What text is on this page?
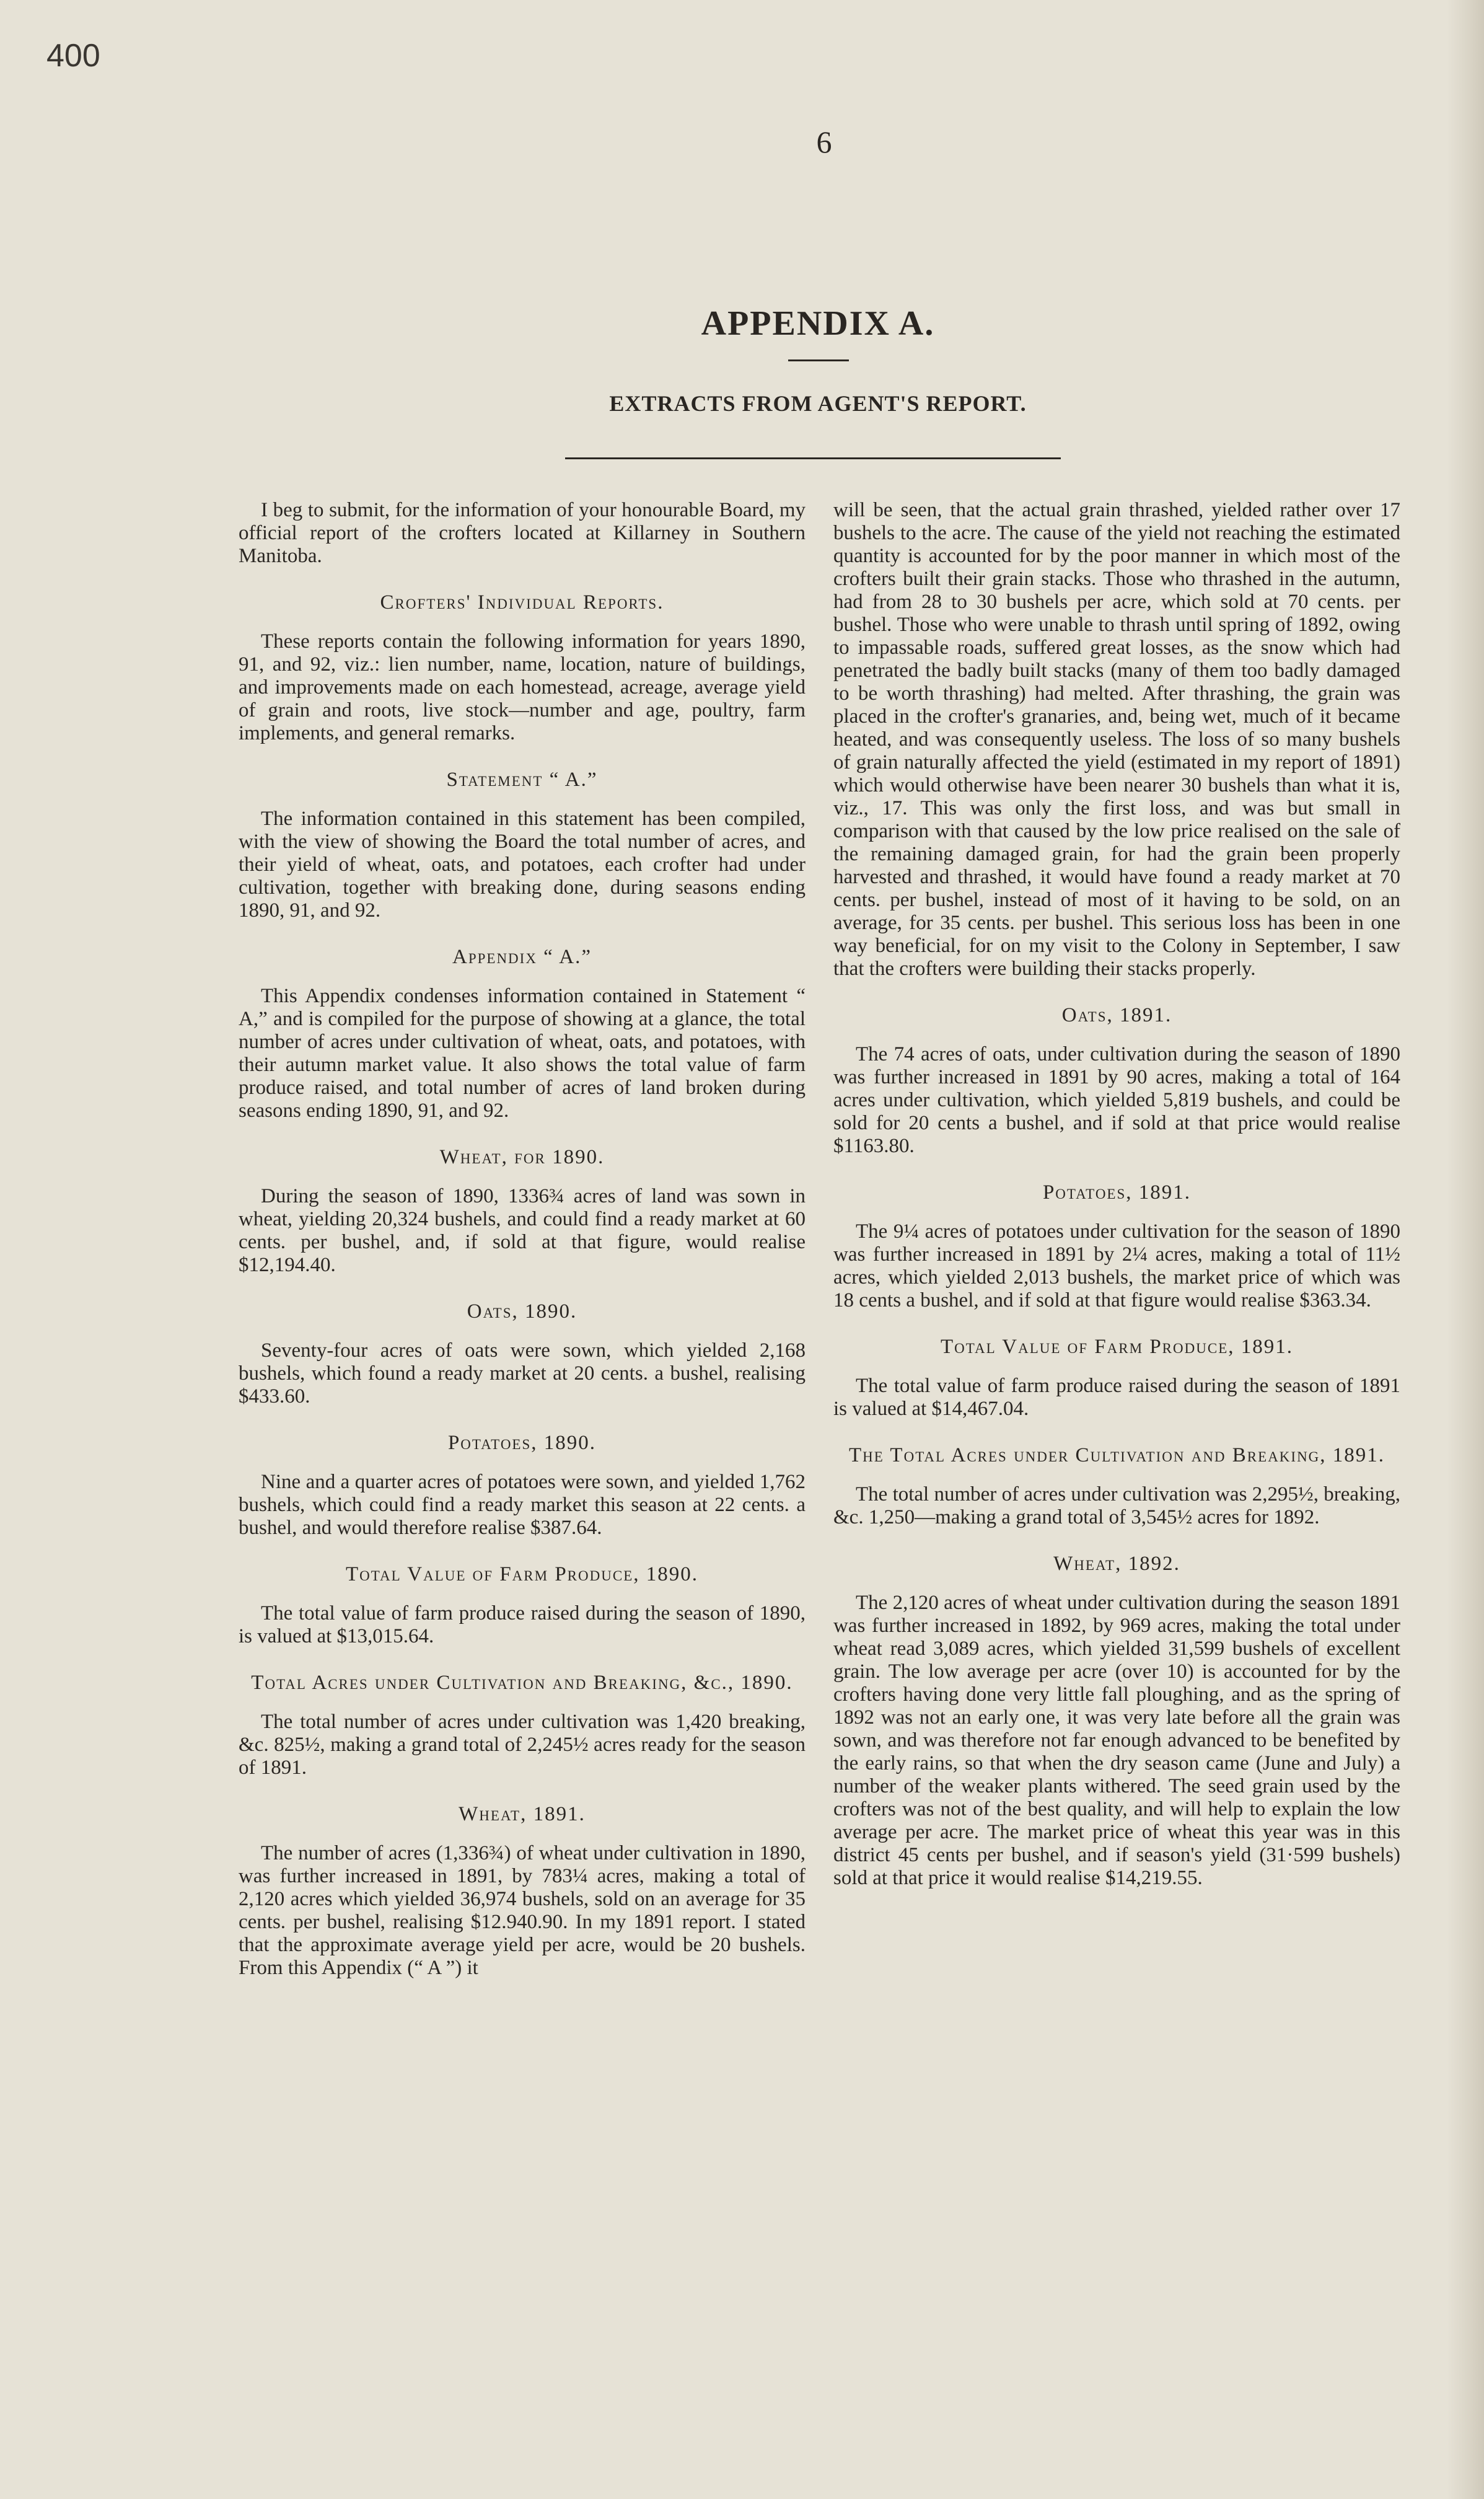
400
6
APPENDIX A.
EXTRACTS FROM AGENT'S REPORT.

I beg to submit, for the information of your honourable Board, my official report of the crofters located at Killarney in Southern Manitoba.

Crofters' Individual Reports.

These reports contain the following information for years 1890, 91, and 92, viz.: lien number, name, location, nature of buildings, and improvements made on each homestead, acreage, average yield of grain and roots, live stock—number and age, poultry, farm implements, and general remarks.

Statement “ A.”

The information contained in this statement has been compiled, with the view of showing the Board the total number of acres, and their yield of wheat, oats, and potatoes, each crofter had under cultivation, together with breaking done, during seasons ending 1890, 91, and 92.

Appendix “ A.”

This Appendix condenses information contained in Statement “ A,” and is compiled for the purpose of showing at a glance, the total number of acres under cultivation of wheat, oats, and potatoes, with their autumn market value. It also shows the total value of farm produce raised, and total number of acres of land broken during seasons ending 1890, 91, and 92.

Wheat, for 1890.

During the season of 1890, 1336¾ acres of land was sown in wheat, yielding 20,324 bushels, and could find a ready market at 60 cents. per bushel, and, if sold at that figure, would realise $12,194.40.

Oats, 1890.

Seventy-four acres of oats were sown, which yielded 2,168 bushels, which found a ready market at 20 cents. a bushel, realising $433.60.

Potatoes, 1890.

Nine and a quarter acres of potatoes were sown, and yielded 1,762 bushels, which could find a ready market this season at 22 cents. a bushel, and would therefore realise $387.64.

Total Value of Farm Produce, 1890.

The total value of farm produce raised during the season of 1890, is valued at $13,015.64.

Total Acres under Cultivation and Breaking, &c., 1890.

The total number of acres under cultivation was 1,420 breaking, &c. 825½, making a grand total of 2,245½ acres ready for the season of 1891.

Wheat, 1891.

The number of acres (1,336¾) of wheat under cultivation in 1890, was further increased in 1891, by 783¼ acres, making a total of 2,120 acres which yielded 36,974 bushels, sold on an average for 35 cents. per bushel, realising $12.940.90. In my 1891 report. I stated that the approximate average yield per acre, would be 20 bushels. From this Appendix (“ A ”) it

will be seen, that the actual grain thrashed, yielded rather over 17 bushels to the acre. The cause of the yield not reaching the estimated quantity is accounted for by the poor manner in which most of the crofters built their grain stacks. Those who thrashed in the autumn, had from 28 to 30 bushels per acre, which sold at 70 cents. per bushel. Those who were unable to thrash until spring of 1892, owing to impassable roads, suffered great losses, as the snow which had penetrated the badly built stacks (many of them too badly damaged to be worth thrashing) had melted. After thrashing, the grain was placed in the crofter's granaries, and, being wet, much of it became heated, and was consequently useless. The loss of so many bushels of grain naturally affected the yield (estimated in my report of 1891) which would otherwise have been nearer 30 bushels than what it is, viz., 17. This was only the first loss, and was but small in comparison with that caused by the low price realised on the sale of the remaining damaged grain, for had the grain been properly harvested and thrashed, it would have found a ready market at 70 cents. per bushel, instead of most of it having to be sold, on an average, for 35 cents. per bushel. This serious loss has been in one way beneficial, for on my visit to the Colony in September, I saw that the crofters were building their stacks properly.

Oats, 1891.

The 74 acres of oats, under cultivation during the season of 1890 was further increased in 1891 by 90 acres, making a total of 164 acres under cultivation, which yielded 5,819 bushels, and could be sold for 20 cents a bushel, and if sold at that price would realise $1163.80.

Potatoes, 1891.

The 9¼ acres of potatoes under cultivation for the season of 1890 was further increased in 1891 by 2¼ acres, making a total of 11½ acres, which yielded 2,013 bushels, the market price of which was 18 cents a bushel, and if sold at that figure would realise $363.34.

Total Value of Farm Produce, 1891.

The total value of farm produce raised during the season of 1891 is valued at $14,467.04.

The Total Acres under Cultivation and Breaking, 1891.

The total number of acres under cultivation was 2,295½, breaking, &c. 1,250—making a grand total of 3,545½ acres for 1892.

Wheat, 1892.

The 2,120 acres of wheat under cultivation during the season 1891 was further increased in 1892, by 969 acres, making the total under wheat read 3,089 acres, which yielded 31,599 bushels of excellent grain. The low average per acre (over 10) is accounted for by the crofters having done very little fall ploughing, and as the spring of 1892 was not an early one, it was very late before all the grain was sown, and was therefore not far enough advanced to be benefited by the early rains, so that when the dry season came (June and July) a number of the weaker plants withered. The seed grain used by the crofters was not of the best quality, and will help to explain the low average per acre. The market price of wheat this year was in this district 45 cents per bushel, and if season's yield (31·599 bushels) sold at that price it would realise $14,219.55.
